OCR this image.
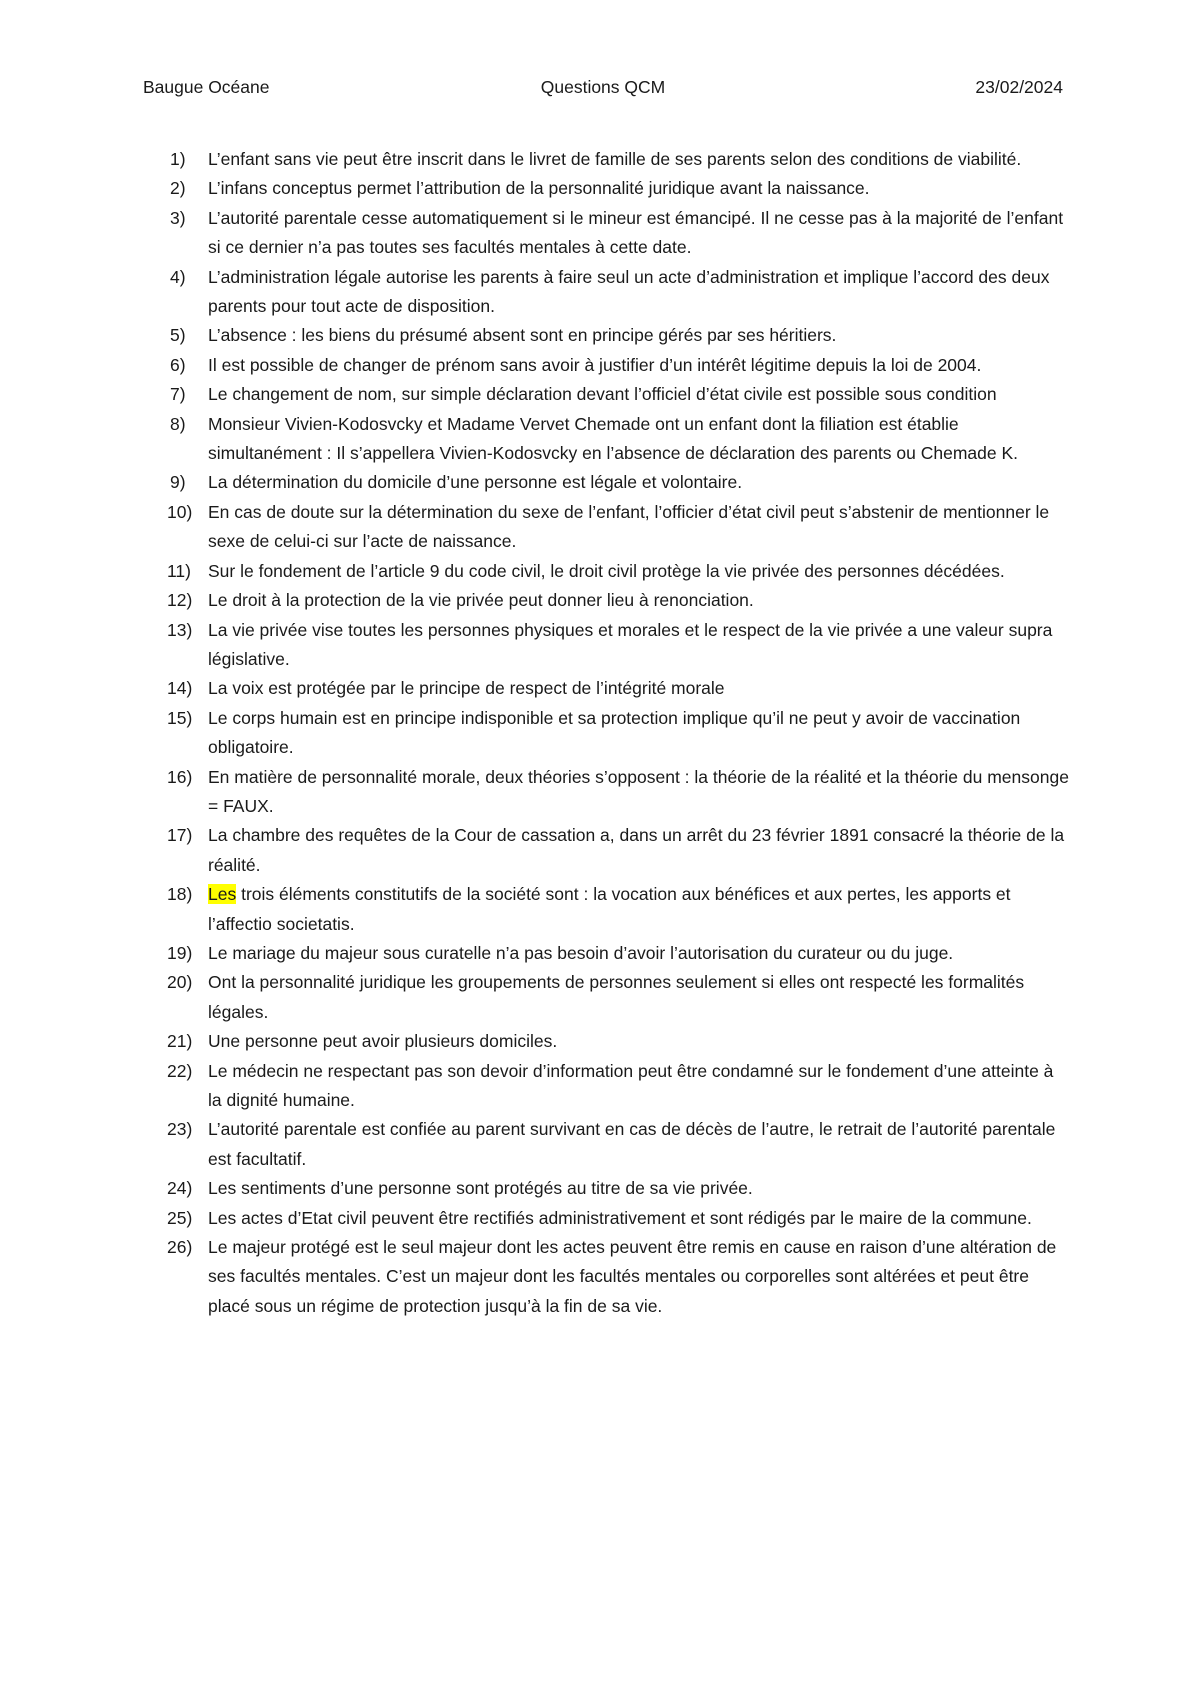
Baugue Océane	Questions QCM	23/02/2024
1)	L’enfant sans vie peut être inscrit dans le livret de famille de ses parents selon des conditions de viabilité.
2)	L’infans conceptus permet l’attribution de la personnalité juridique avant la naissance.
3)	L’autorité parentale cesse automatiquement si le mineur est émancipé. Il ne cesse pas à la majorité de l’enfant si ce dernier n’a pas toutes ses facultés mentales à cette date.
4)	L’administration légale autorise les parents à faire seul un acte d’administration et implique l’accord des deux parents pour tout acte de disposition.
5)	L’absence : les biens du présumé absent sont en principe gérés par ses héritiers.
6)	Il est possible de changer de prénom sans avoir à justifier d’un intérêt légitime depuis la loi de 2004.
7)	Le changement de nom, sur simple déclaration devant l’officiel d’état civile est possible sous condition
8)	Monsieur Vivien-Kodosvcky et Madame Vervet Chemade ont un enfant dont la filiation est établie simultanément : Il s’appellera Vivien-Kodosvcky en l’absence de déclaration des parents ou Chemade K.
9)	La détermination du domicile d’une personne est légale et volontaire.
10) En cas de doute sur la détermination du sexe de l’enfant, l’officier d’état civil peut s’abstenir de mentionner le sexe de celui-ci sur l’acte de naissance.
11) Sur le fondement de l’article 9 du code civil, le droit civil protège la vie privée des personnes décédées.
12) Le droit à la protection de la vie privée peut donner lieu à renonciation.
13) La vie privée vise toutes les personnes physiques et morales et le respect de la vie privée a une valeur supra législative.
14) La voix est protégée par le principe de respect de l’intégrité morale
15) Le corps humain est en principe indisponible et sa protection implique qu’il ne peut y avoir de vaccination obligatoire.
16) En matière de personnalité morale, deux théories s’opposent : la théorie de la réalité et la théorie du mensonge = FAUX.
17) La chambre des requêtes de la Cour de cassation a, dans un arrêt du 23 février 1891 consacré la théorie de la réalité.
18) Les trois éléments constitutifs de la société sont : la vocation aux bénéfices et aux pertes, les apports et l’affectio societatis.
19) Le mariage du majeur sous curatelle n’a pas besoin d’avoir l’autorisation du curateur ou du juge.
20) Ont la personnalité juridique les groupements de personnes seulement si elles ont respecté les formalités légales.
21) Une personne peut avoir plusieurs domiciles.
22) Le médecin ne respectant pas son devoir d’information peut être condamné sur le fondement d’une atteinte à la dignité humaine.
23) L’autorité parentale est confiée au parent survivant en cas de décès de l’autre, le retrait de l’autorité parentale est facultatif.
24) Les sentiments d’une personne sont protégés au titre de sa vie privée.
25) Les actes d’Etat civil peuvent être rectifiés administrativement et sont rédigés par le maire de la commune.
26) Le majeur protégé est le seul majeur dont les actes peuvent être remis en cause en raison d’une altération de ses facultés mentales. C’est un majeur dont les facultés mentales ou corporelles sont altérées et peut être placé sous un régime de protection jusqu’à la fin de sa vie.
